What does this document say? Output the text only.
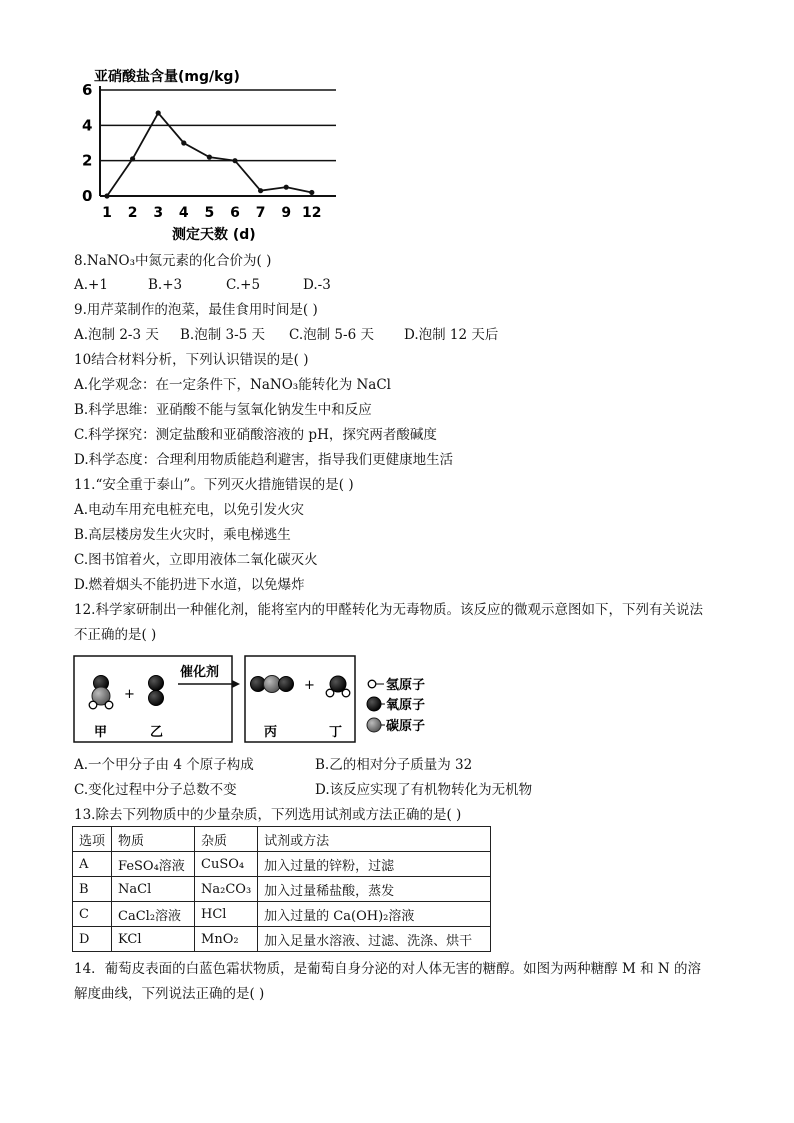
亚硝酸盐含量(mg/kg)
0
2
4
6
1 2 3 4 5 6 7 9 12
测定天数 (d)
8.NaNO₃中氮元素的化合价为( )
A.+1	B.+3	C.+5	D.-3
9.用芹菜制作的泡菜，最佳食用时间是( )
A.泡制 2-3 天 B.泡制 3-5 天 C.泡制 5-6 天 D.泡制 12 天后
10结合材料分析，下列认识错误的是( )
A.化学观念：在一定条件下，NaNO₃能转化为 NaCl
B.科学思维：亚硝酸不能与氢氧化钠发生中和反应
C.科学探究：测定盐酸和亚硝酸溶液的 pH，探究两者酸碱度
D.科学态度：合理利用物质能趋利避害，指导我们更健康地生活
11.“安全重于泰山”。下列灭火措施错误的是( )
A.电动车用充电桩充电，以免引发火灾
B.高层楼房发生火灾时，乘电梯逃生
C.图书馆着火，立即用液体二氧化碳灭火
D.燃着烟头不能扔进下水道，以免爆炸
12.科学家研制出一种催化剂，能将室内的甲醛转化为无毒物质。该反应的微观示意图如下，下列有关说法
不正确的是( )
+
甲	乙
催化剂
+
丙	丁
氢原子
氧原子
碳原子
A.一个甲分子由 4 个原子构成	B.乙的相对分子质量为 32
C.变化过程中分子总数不变	D.该反应实现了有机物转化为无机物
13.除去下列物质中的少量杂质，下列选用试剂或方法正确的是( )
选项	物质	杂质	试剂或方法
A	FeSO₄溶液	CuSO₄	加入过量的锌粉，过滤
B	NaCl	Na₂CO₃	加入过量稀盐酸，蒸发
C	CaCl₂溶液	HCl	加入过量的 Ca(OH)₂溶液
D	KCl	MnO₂	加入足量水溶液、过滤、洗涤、烘干
14．葡萄皮表面的白蓝色霜状物质，是葡萄自身分泌的对人体无害的糖醇。如图为两种糖醇 M 和 N 的溶
解度曲线，下列说法正确的是( )
